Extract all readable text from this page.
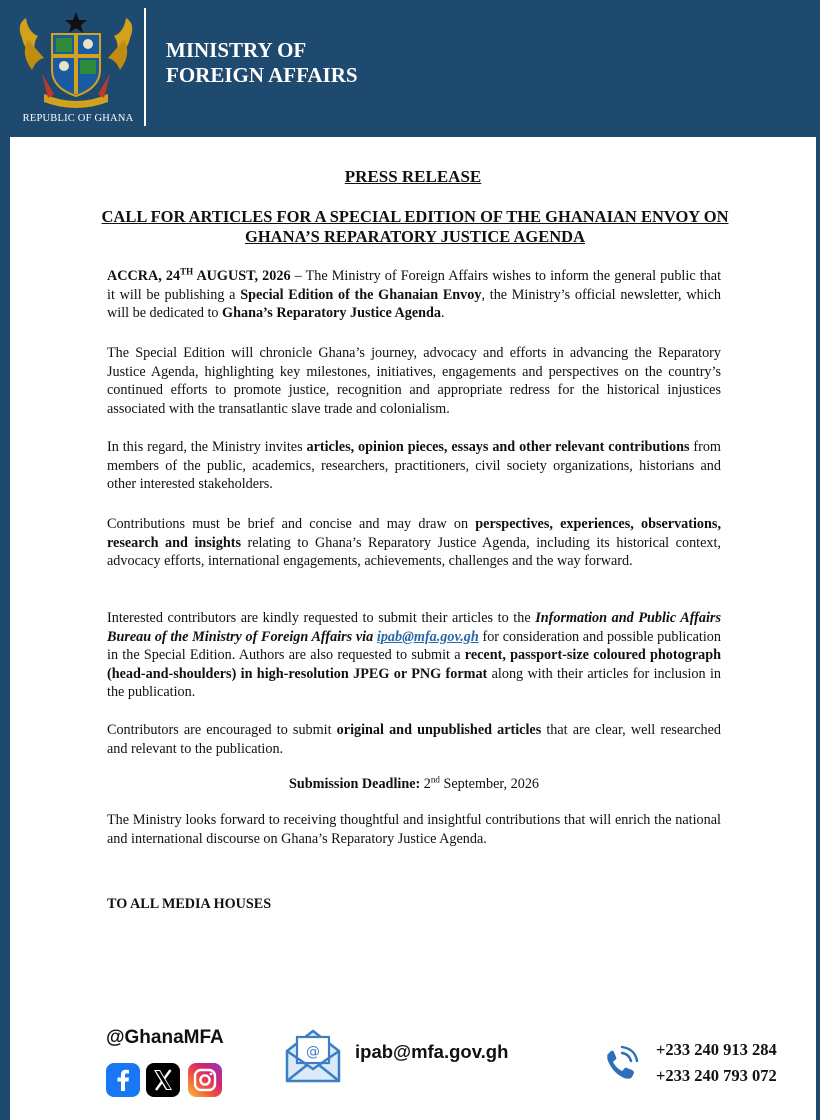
REPUBLIC OF GHANA
MINISTRY OF
FOREIGN AFFAIRS
PRESS RELEASE
CALL FOR ARTICLES FOR A SPECIAL EDITION OF THE GHANAIAN ENVOY ON GHANA’S REPARATORY JUSTICE AGENDA
ACCRA, 24TH AUGUST, 2026 – The Ministry of Foreign Affairs wishes to inform the general public that it will be publishing a Special Edition of the Ghanaian Envoy, the Ministry’s official newsletter, which will be dedicated to Ghana’s Reparatory Justice Agenda.
The Special Edition will chronicle Ghana’s journey, advocacy and efforts in advancing the Reparatory Justice Agenda, highlighting key milestones, initiatives, engagements and perspectives on the country’s continued efforts to promote justice, recognition and appropriate redress for the historical injustices associated with the transatlantic slave trade and colonialism.
In this regard, the Ministry invites articles, opinion pieces, essays and other relevant contributions from members of the public, academics, researchers, practitioners, civil society organizations, historians and other interested stakeholders.
Contributions must be brief and concise and may draw on perspectives, experiences, observations, research and insights relating to Ghana’s Reparatory Justice Agenda, including its historical context, advocacy efforts, international engagements, achievements, challenges and the way forward.
Interested contributors are kindly requested to submit their articles to the Information and Public Affairs Bureau of the Ministry of Foreign Affairs via ipab@mfa.gov.gh for consideration and possible publication in the Special Edition. Authors are also requested to submit a recent, passport-size coloured photograph (head-and-shoulders) in high-resolution JPEG or PNG format along with their articles for inclusion in the publication.
Contributors are encouraged to submit original and unpublished articles that are clear, well researched and relevant to the publication.
Submission Deadline: 2nd September, 2026
The Ministry looks forward to receiving thoughtful and insightful contributions that will enrich the national and international discourse on Ghana’s Reparatory Justice Agenda.
TO ALL MEDIA HOUSES
@GhanaMFA
@ ipab@mfa.gov.gh	+233 240 913 284
+233 240 793 072
